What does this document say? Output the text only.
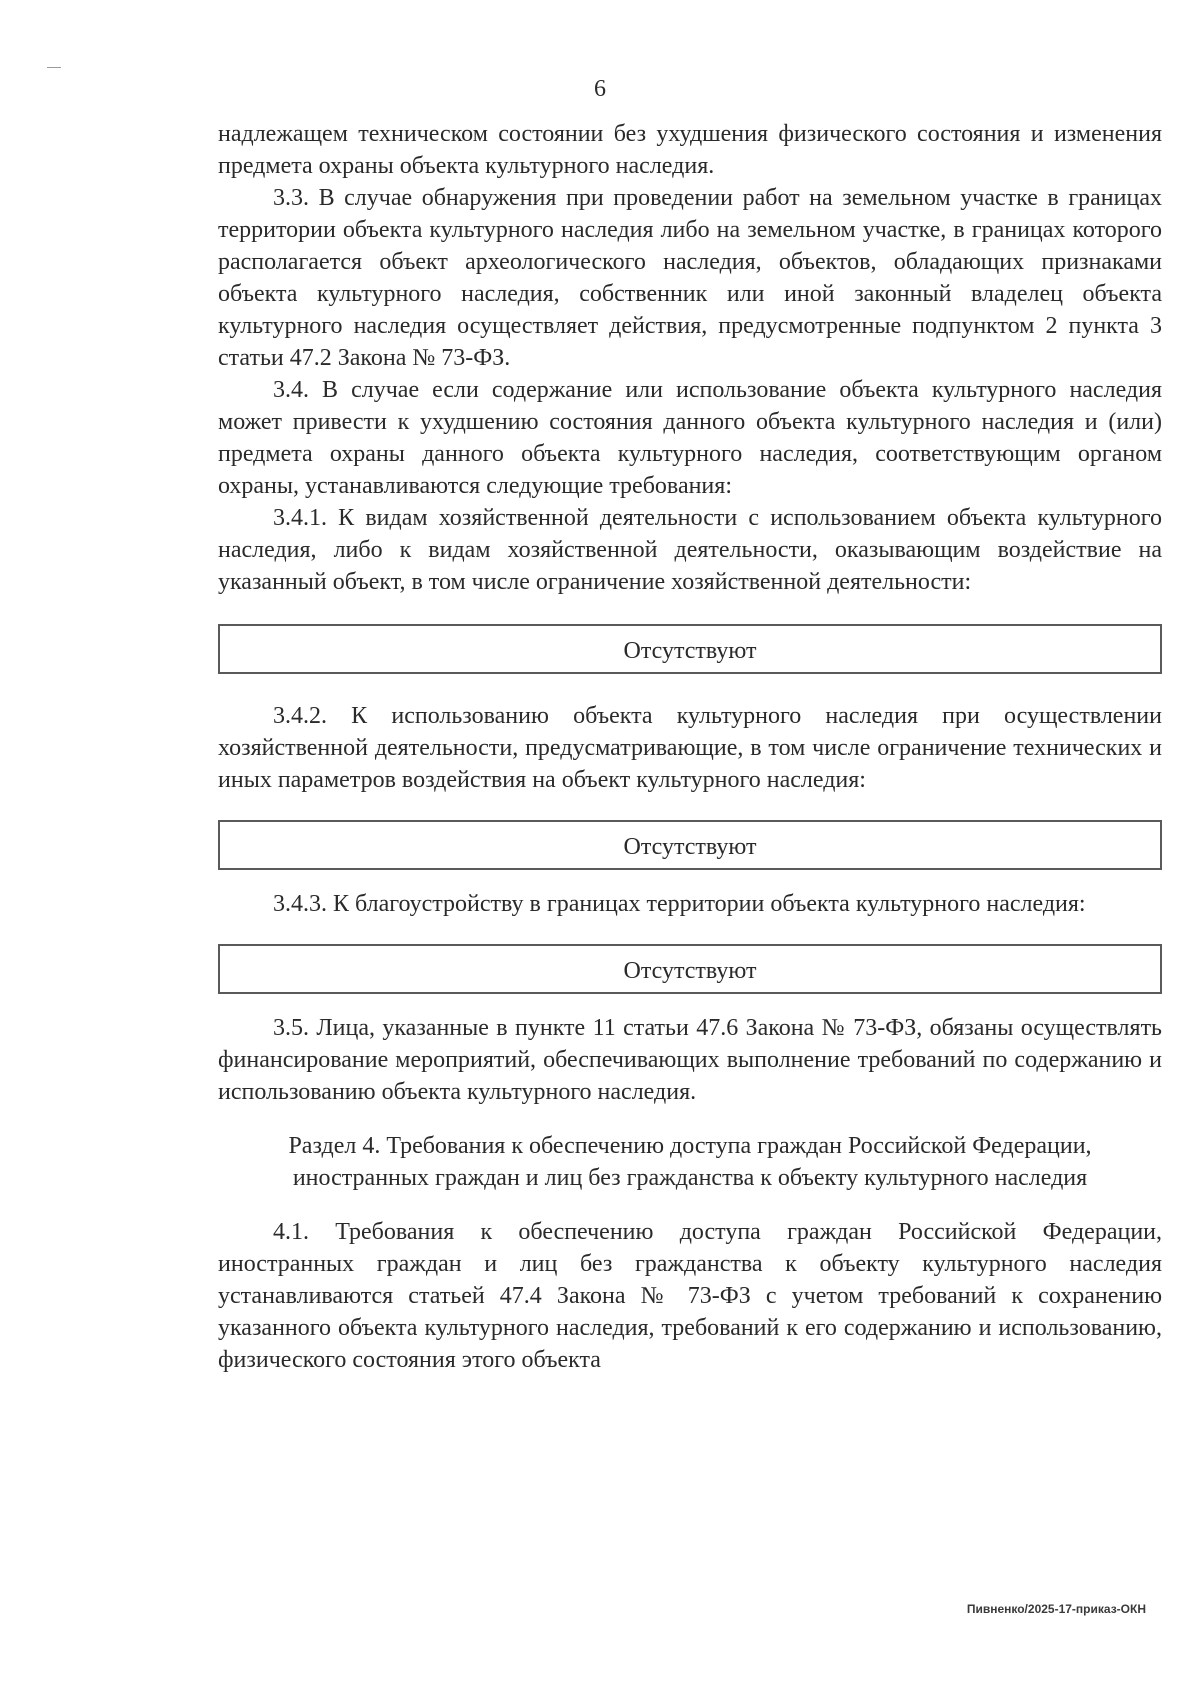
6

надлежащем техническом состоянии без ухудшения физического состояния и изменения предмета охраны объекта культурного наследия.

3.3. В случае обнаружения при проведении работ на земельном участке в границах территории объекта культурного наследия либо на земельном участке, в границах которого располагается объект археологического наследия, объектов, обладающих признаками объекта культурного наследия, собственник или иной законный владелец объекта культурного наследия осуществляет действия, предусмотренные подпунктом 2 пункта 3 статьи 47.2 Закона № 73-ФЗ.

3.4. В случае если содержание или использование объекта культурного наследия может привести к ухудшению состояния данного объекта культурного наследия и (или) предмета охраны данного объекта культурного наследия, соответствующим органом охраны, устанавливаются следующие требования:

3.4.1. К видам хозяйственной деятельности с использованием объекта культурного наследия, либо к видам хозяйственной деятельности, оказывающим воздействие на указанный объект, в том числе ограничение хозяйственной деятельности:

Отсутствуют

3.4.2. К использованию объекта культурного наследия при осуществлении хозяйственной деятельности, предусматривающие, в том числе ограничение технических и иных параметров воздействия на объект культурного наследия:

Отсутствуют

3.4.3. К благоустройству в границах территории объекта культурного наследия:

Отсутствуют

3.5. Лица, указанные в пункте 11 статьи 47.6 Закона № 73-ФЗ, обязаны осуществлять финансирование мероприятий, обеспечивающих выполнение требований по содержанию и использованию объекта культурного наследия.

Раздел 4. Требования к обеспечению доступа граждан Российской Федерации, иностранных граждан и лиц без гражданства к объекту культурного наследия

4.1. Требования к обеспечению доступа граждан Российской Федерации, иностранных граждан и лиц без гражданства к объекту культурного наследия устанавливаются статьей 47.4 Закона № 73-ФЗ с учетом требований к сохранению указанного объекта культурного наследия, требований к его содержанию и использованию, физического состояния этого объекта

Пивненко/2025-17-приказ-ОКН
